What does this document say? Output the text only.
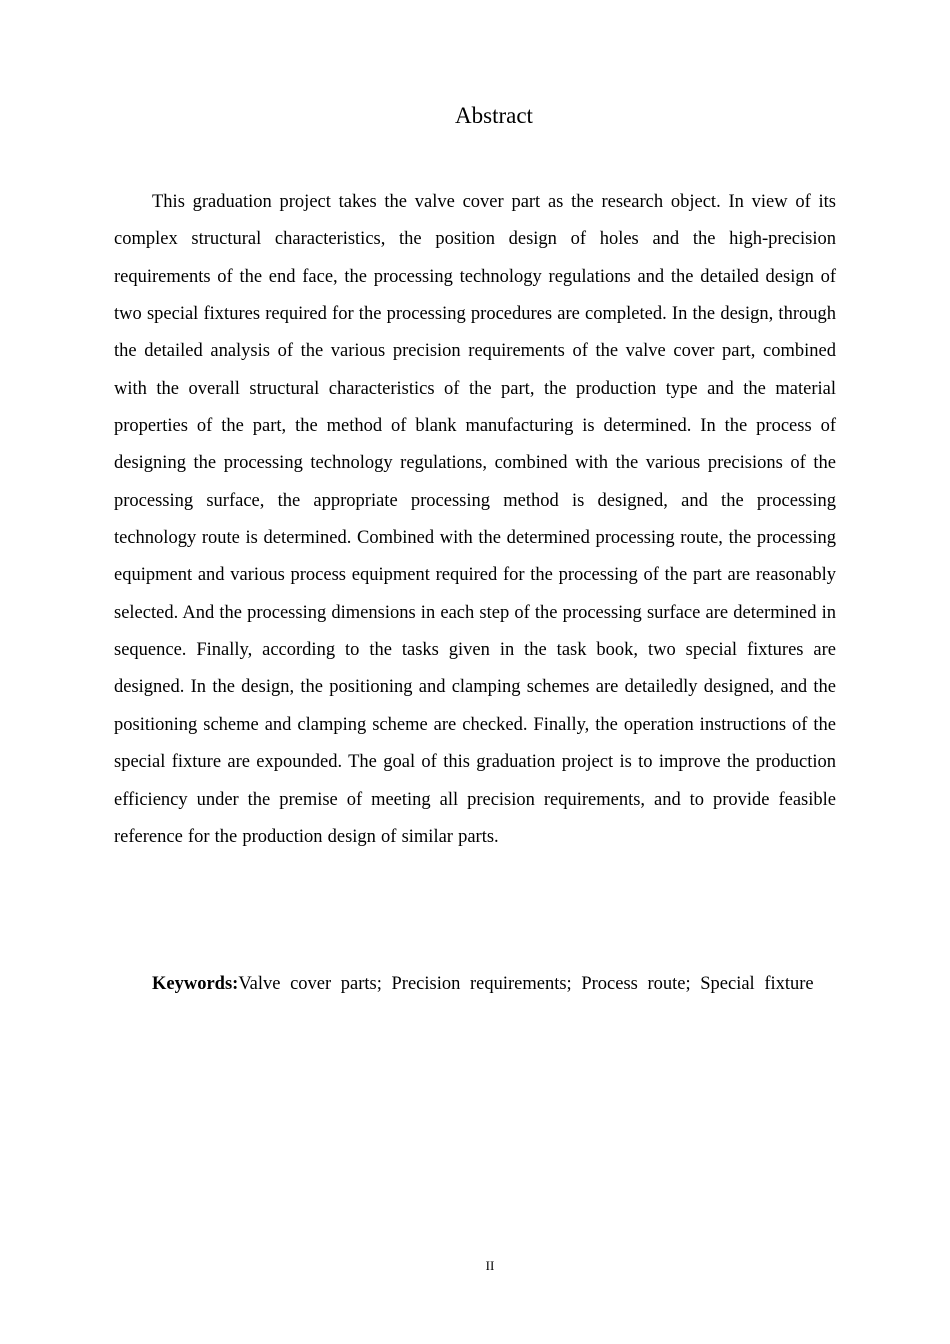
Abstract

This graduation project takes the valve cover part as the research object. In view of its complex structural characteristics, the position design of holes and the high-precision requirements of the end face, the processing technology regulations and the detailed design of two special fixtures required for the processing procedures are completed. In the design, through the detailed analysis of the various precision requirements of the valve cover part, combined with the overall structural characteristics of the part, the production type and the material properties of the part, the method of blank manufacturing is determined. In the process of designing the processing technology regulations, combined with the various precisions of the processing surface, the appropriate processing method is designed, and the processing technology route is determined. Combined with the determined processing route, the processing equipment and various process equipment required for the processing of the part are reasonably selected. And the processing dimensions in each step of the processing surface are determined in sequence. Finally, according to the tasks given in the task book, two special fixtures are designed. In the design, the positioning and clamping schemes are detailedly designed, and the positioning scheme and clamping scheme are checked. Finally, the operation instructions of the special fixture are expounded. The goal of this graduation project is to improve the production efficiency under the premise of meeting all precision requirements, and to provide feasible reference for the production design of similar parts.

Keywords:Valve cover parts; Precision requirements; Process route; Special fixture

II
